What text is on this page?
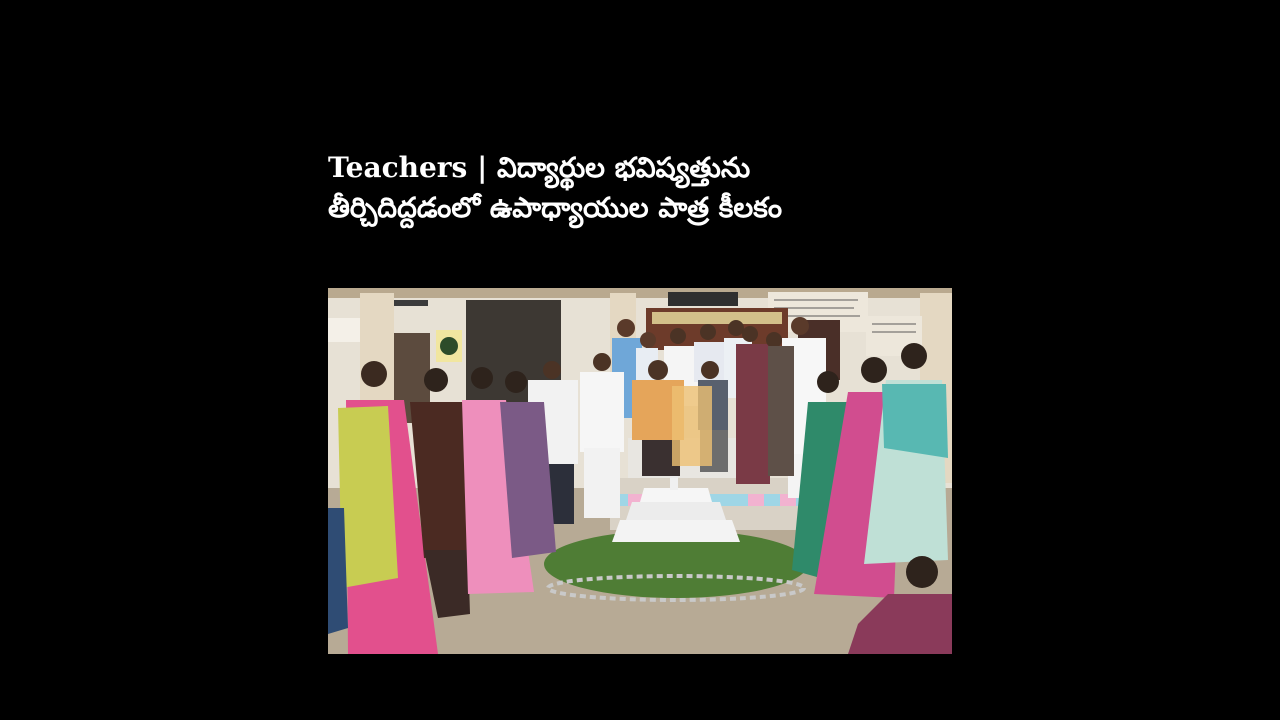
Teachers | విద్యార్థుల భవిష్యత్తును తీర్చిదిద్దడంలో ఉపాధ్యాయుల పాత్ర కీలకం
